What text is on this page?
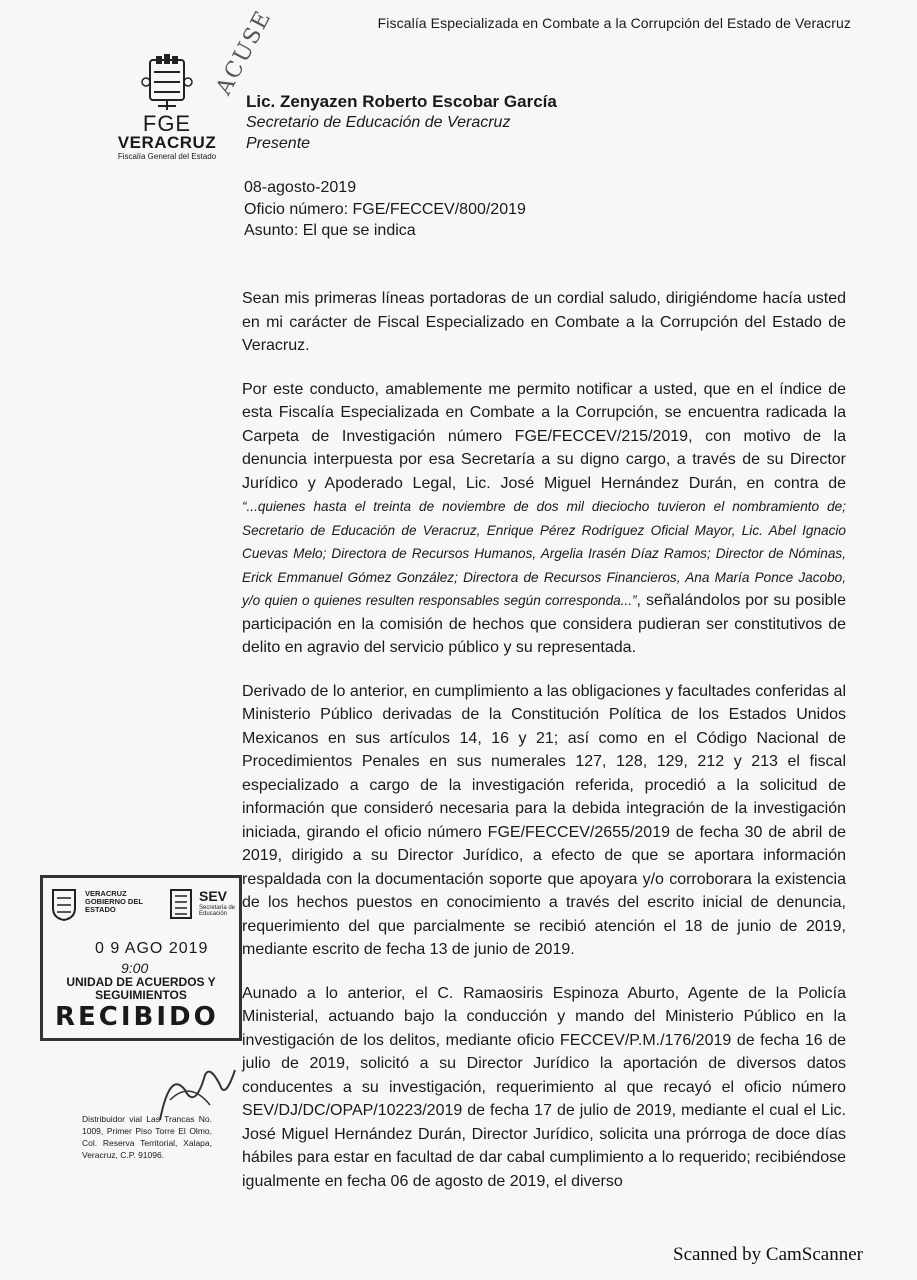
Fiscalía Especializada en Combate a la Corrupción del Estado de Veracruz
FGE
VERACRUZ
Fiscalía General del Estado
ACUSE
Lic. Zenyazen Roberto Escobar García
Secretario de Educación de Veracruz
Presente
08-agosto-2019
Oficio número: FGE/FECCEV/800/2019
Asunto: El que se indica

Sean mis primeras líneas portadoras de un cordial saludo, dirigiéndome hacía usted en mi carácter de Fiscal Especializado en Combate a la Corrupción del Estado de Veracruz.

Por este conducto, amablemente me permito notificar a usted, que en el índice de esta Fiscalía Especializada en Combate a la Corrupción, se encuentra radicada la Carpeta de Investigación número FGE/FECCEV/215/2019, con motivo de la denuncia interpuesta por esa Secretaría a su digno cargo, a través de su Director Jurídico y Apoderado Legal, Lic. José Miguel Hernández Durán, en contra de “...quienes hasta el treinta de noviembre de dos mil dieciocho tuvieron el nombramiento de; Secretario de Educación de Veracruz, Enrique Pérez Rodríguez Oficial Mayor, Lic. Abel Ignacio Cuevas Melo; Directora de Recursos Humanos, Argelia Irasén Díaz Ramos; Director de Nóminas, Erick Emmanuel Gómez González; Directora de Recursos Financieros, Ana María Ponce Jacobo, y/o quien o quienes resulten responsables según corresponda...”, señalándolos por su posible participación en la comisión de hechos que considera pudieran ser constitutivos de delito en agravio del servicio público y su representada.

Derivado de lo anterior, en cumplimiento a las obligaciones y facultades conferidas al Ministerio Público derivadas de la Constitución Política de los Estados Unidos Mexicanos en sus artículos 14, 16 y 21; así como en el Código Nacional de Procedimientos Penales en sus numerales 127, 128, 129, 212 y 213 el fiscal especializado a cargo de la investigación referida, procedió a la solicitud de información que consideró necesaria para la debida integración de la investigación iniciada, girando el oficio número FGE/FECCEV/2655/2019 de fecha 30 de abril de 2019, dirigido a su Director Jurídico, a efecto de que se aportara información respaldada con la documentación soporte que apoyara y/o corroborara la existencia de los hechos puestos en conocimiento a través del escrito inicial de denuncia, requerimiento del que parcialmente se recibió atención el 18 de junio de 2019, mediante escrito de fecha 13 de junio de 2019.

Aunado a lo anterior, el C. Ramaosiris Espinoza Aburto, Agente de la Policía Ministerial, actuando bajo la conducción y mando del Ministerio Público en la investigación de los delitos, mediante oficio FECCEV/P.M./176/2019 de fecha 16 de julio de 2019, solicitó a su Director Jurídico la aportación de diversos datos conducentes a su investigación, requerimiento al que recayó el oficio número SEV/DJ/DC/OPAP/10223/2019 de fecha 17 de julio de 2019, mediante el cual el Lic. José Miguel Hernández Durán, Director Jurídico, solicita una prórroga de doce días hábiles para estar en facultad de dar cabal cumplimiento a lo requerido; recibiéndose igualmente en fecha 06 de agosto de 2019, el diverso

VERACRUZ GOBIERNO DEL ESTADO
SEV
Secretaría de Educación
0 9 AGO 2019
9:00
UNIDAD DE ACUERDOS Y SEGUIMIENTOS
RECIBIDO
Distribuidor vial Las Trancas No. 1009, Primer Piso Torre El Olmo, Col. Reserva Territorial, Xalapa, Veracruz, C.P. 91096.
Scanned by CamScanner
